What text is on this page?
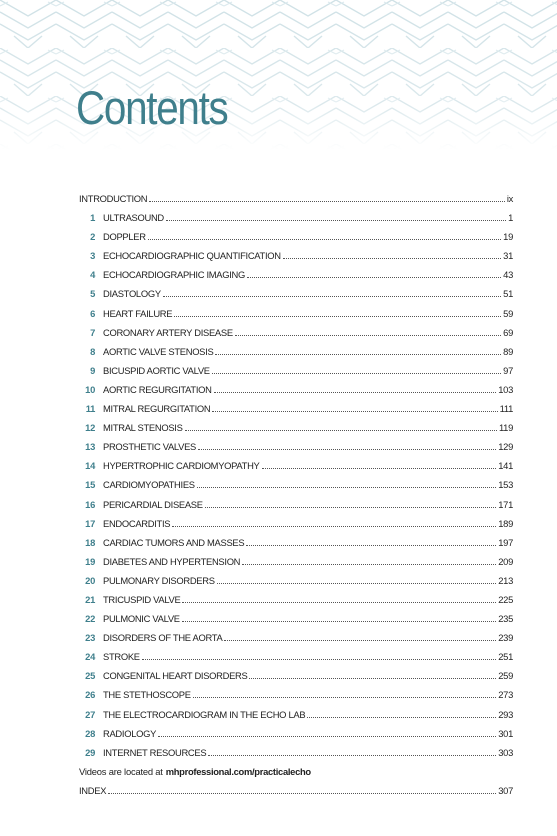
Contents
INTRODUCTION	ix
1 ULTRASOUND	1
2 DOPPLER	19
3 ECHOCARDIOGRAPHIC QUANTIFICATION	31
4 ECHOCARDIOGRAPHIC IMAGING	43
5 DIASTOLOGY	51
6 HEART FAILURE	59
7 CORONARY ARTERY DISEASE	69
8 AORTIC VALVE STENOSIS	89
9 BICUSPID AORTIC VALVE	97
10 AORTIC REGURGITATION	103
11 MITRAL REGURGITATION	111
12 MITRAL STENOSIS	119
13 PROSTHETIC VALVES	129
14 HYPERTROPHIC CARDIOMYOPATHY	141
15 CARDIOMYOPATHIES	153
16 PERICARDIAL DISEASE	171
17 ENDOCARDITIS	189
18 CARDIAC TUMORS AND MASSES	197
19 DIABETES AND HYPERTENSION	209
20 PULMONARY DISORDERS	213
21 TRICUSPID VALVE	225
22 PULMONIC VALVE	235
23 DISORDERS OF THE AORTA	239
24 STROKE	251
25 CONGENITAL HEART DISORDERS	259
26 THE STETHOSCOPE	273
27 THE ELECTROCARDIOGRAM IN THE ECHO LAB	293
28 RADIOLOGY	301
29 INTERNET RESOURCES	303
Videos are located at mhprofessional.com/practicalecho
INDEX	307
